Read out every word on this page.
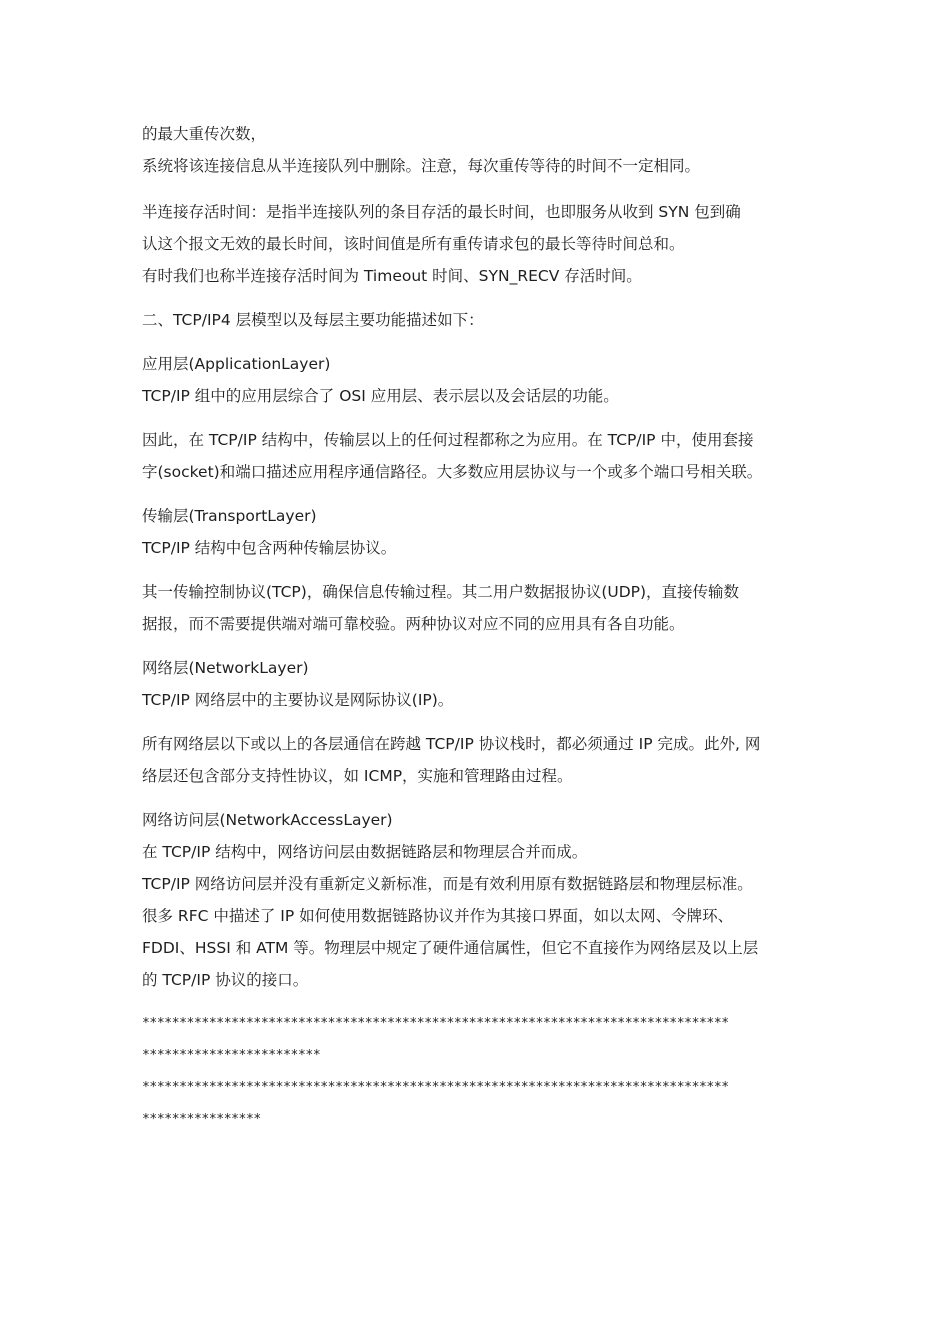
的最大重传次数，
系统将该连接信息从半连接队列中删除。注意，每次重传等待的时间不一定相同。
半连接存活时间：是指半连接队列的条目存活的最长时间，也即服务从收到 SYN 包到确
认这个报文无效的最长时间，该时间值是所有重传请求包的最长等待时间总和。
有时我们也称半连接存活时间为 Timeout 时间、SYN_RECV 存活时间。
二、TCP/IP4 层模型以及每层主要功能描述如下：
应用层(ApplicationLayer)
TCP/IP 组中的应用层综合了 OSI 应用层、表示层以及会话层的功能。
因此，在 TCP/IP 结构中，传输层以上的任何过程都称之为应用。在 TCP/IP 中，使用套接
字(socket)和端口描述应用程序通信路径。大多数应用层协议与一个或多个端口号相关联。
传输层(TransportLayer)
TCP/IP 结构中包含两种传输层协议。
其一传输控制协议(TCP)，确保信息传输过程。其二用户数据报协议(UDP)，直接传输数
据报，而不需要提供端对端可靠校验。两种协议对应不同的应用具有各自功能。
网络层(NetworkLayer)
TCP/IP 网络层中的主要协议是网际协议(IP)。
所有网络层以下或以上的各层通信在跨越 TCP/IP 协议栈时，都必须通过 IP 完成。此外, 网
络层还包含部分支持性协议，如 ICMP，实施和管理路由过程。
网络访问层(NetworkAccessLayer)
在 TCP/IP 结构中，网络访问层由数据链路层和物理层合并而成。
TCP/IP 网络访问层并没有重新定义新标准，而是有效利用原有数据链路层和物理层标准。
很多 RFC 中描述了 IP 如何使用数据链路协议并作为其接口界面，如以太网、令牌环、
FDDI、HSSI 和 ATM 等。物理层中规定了硬件通信属性，但它不直接作为网络层及以上层
的 TCP/IP 协议的接口。
*******************************************************************************
************************
*******************************************************************************
****************
